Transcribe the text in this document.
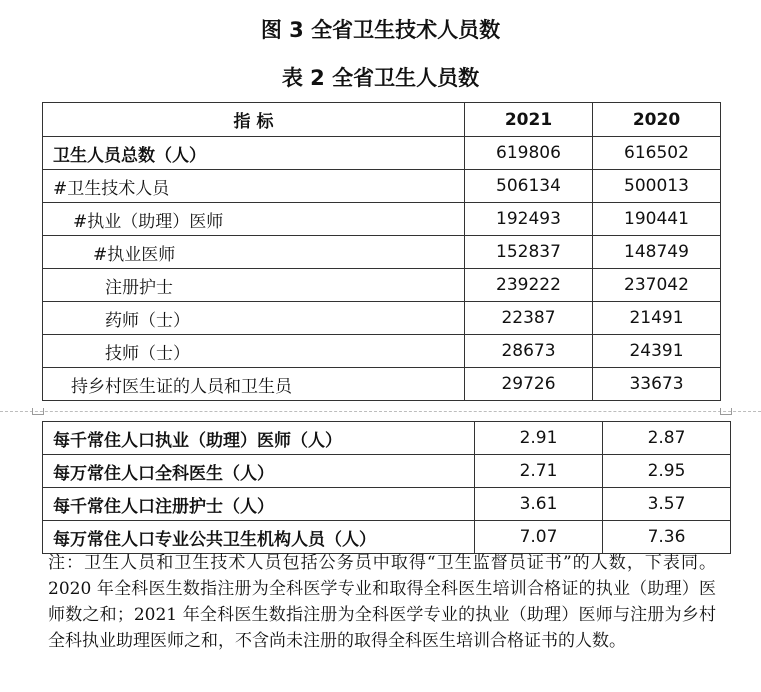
图 3 全省卫生技术人员数
表 2 全省卫生人员数
指 标	2021	2020
卫生人员总数（人）	619806	616502
#卫生技术人员	506134	500013
#执业（助理）医师	192493	190441
#执业医师	152837	148749
注册护士	239222	237042
药师（士）	22387	21491
技师（士）	28673	24391
持乡村医生证的人员和卫生员	29726	33673
每千常住人口执业（助理）医师（人）	2.91	2.87
每万常住人口全科医生（人）	2.71	2.95
每千常住人口注册护士（人）	3.61	3.57
每万常住人口专业公共卫生机构人员（人）	7.07	7.36

注：卫生人员和卫生技术人员包括公务员中取得“卫生监督员证书”的人数，下表同。2020 年全科医生数指注册为全科医学专业和取得全科医生培训合格证的执业（助理）医师数之和；2021 年全科医生数指注册为全科医学专业的执业（助理）医师与注册为乡村全科执业助理医师之和，不含尚未注册的取得全科医生培训合格证书的人数。
